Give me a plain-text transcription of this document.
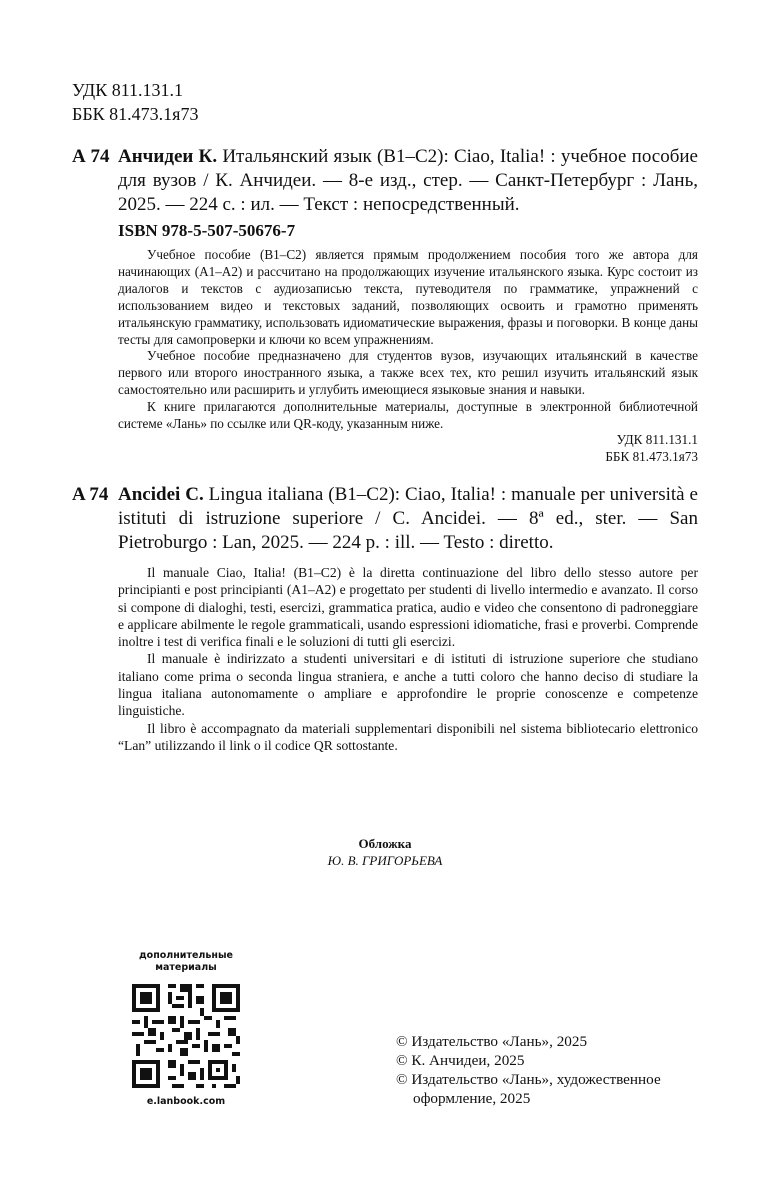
УДК 811.131.1
ББК 81.473.1я73
А 74 Анчидеи К. Итальянский язык (B1–C2): Ciao, Italia! : учебное пособие для вузов / К. Анчидеи. — 8-е изд., стер. — Санкт-Петербург : Лань, 2025. — 224 с. : ил. — Текст : непосредственный.
ISBN 978-5-507-50676-7

Учебное пособие (B1–C2) является прямым продолжением пособия того же автора для начинающих (A1–A2) и рассчитано на продолжающих изучение итальянского языка. Курс состоит из диалогов и текстов с аудиозаписью текста, путеводителя по грамматике, упражнений с использованием видео и текстовых заданий, позволяющих освоить и грамотно применять итальянскую грамматику, использовать идиоматические выражения, фразы и поговорки. В конце даны тесты для самопроверки и ключи ко всем упражнениям.

Учебное пособие предназначено для студентов вузов, изучающих итальянский в качестве первого или второго иностранного языка, а также всех тех, кто решил изучить итальянский язык самостоятельно или расширить и углубить имеющиеся языковые знания и навыки.

К книге прилагаются дополнительные материалы, доступные в электронной библиотечной системе «Лань» по ссылке или QR-коду, указанным ниже.

УДК 811.131.1
ББК 81.473.1я73
A 74 Ancidei C. Lingua italiana (B1–C2): Ciao, Italia! : manuale per università e istituti di istruzione superiore / C. Ancidei. — 8ª ed., ster. — San Pietroburgo : Lan, 2025. — 224 p. : ill. — Testo : diretto.

Il manuale Ciao, Italia! (B1–C2) è la diretta continuazione del libro dello stesso autore per principianti e post principianti (A1–A2) e progettato per studenti di livello intermedio e avanzato. Il corso si compone di dialoghi, testi, esercizi, grammatica pratica, audio e video che consentono di padroneggiare e applicare abilmente le regole grammaticali, usando espressioni idiomatiche, frasi e proverbi. Comprende inoltre i test di verifica finali e le soluzioni di tutti gli esercizi.

Il manuale è indirizzato a studenti universitari e di istituti di istruzione superiore che studiano italiano come prima o seconda lingua straniera, e anche a tutti coloro che hanno deciso di studiare la lingua italiana autonomamente o ampliare e approfondire le proprie conoscenze e competenze linguistiche.

Il libro è accompagnato da materiali supplementari disponibili nel sistema bibliotecario elettronico “Lan” utilizzando il link o il codice QR sottostante.

Обложка
Ю. В. ГРИГОРЬЕВА
дополнительные
материалы
e.lanbook.com
© Издательство «Лань», 2025
© К. Анчидеи, 2025
© Издательство «Лань», художественное оформление, 2025
